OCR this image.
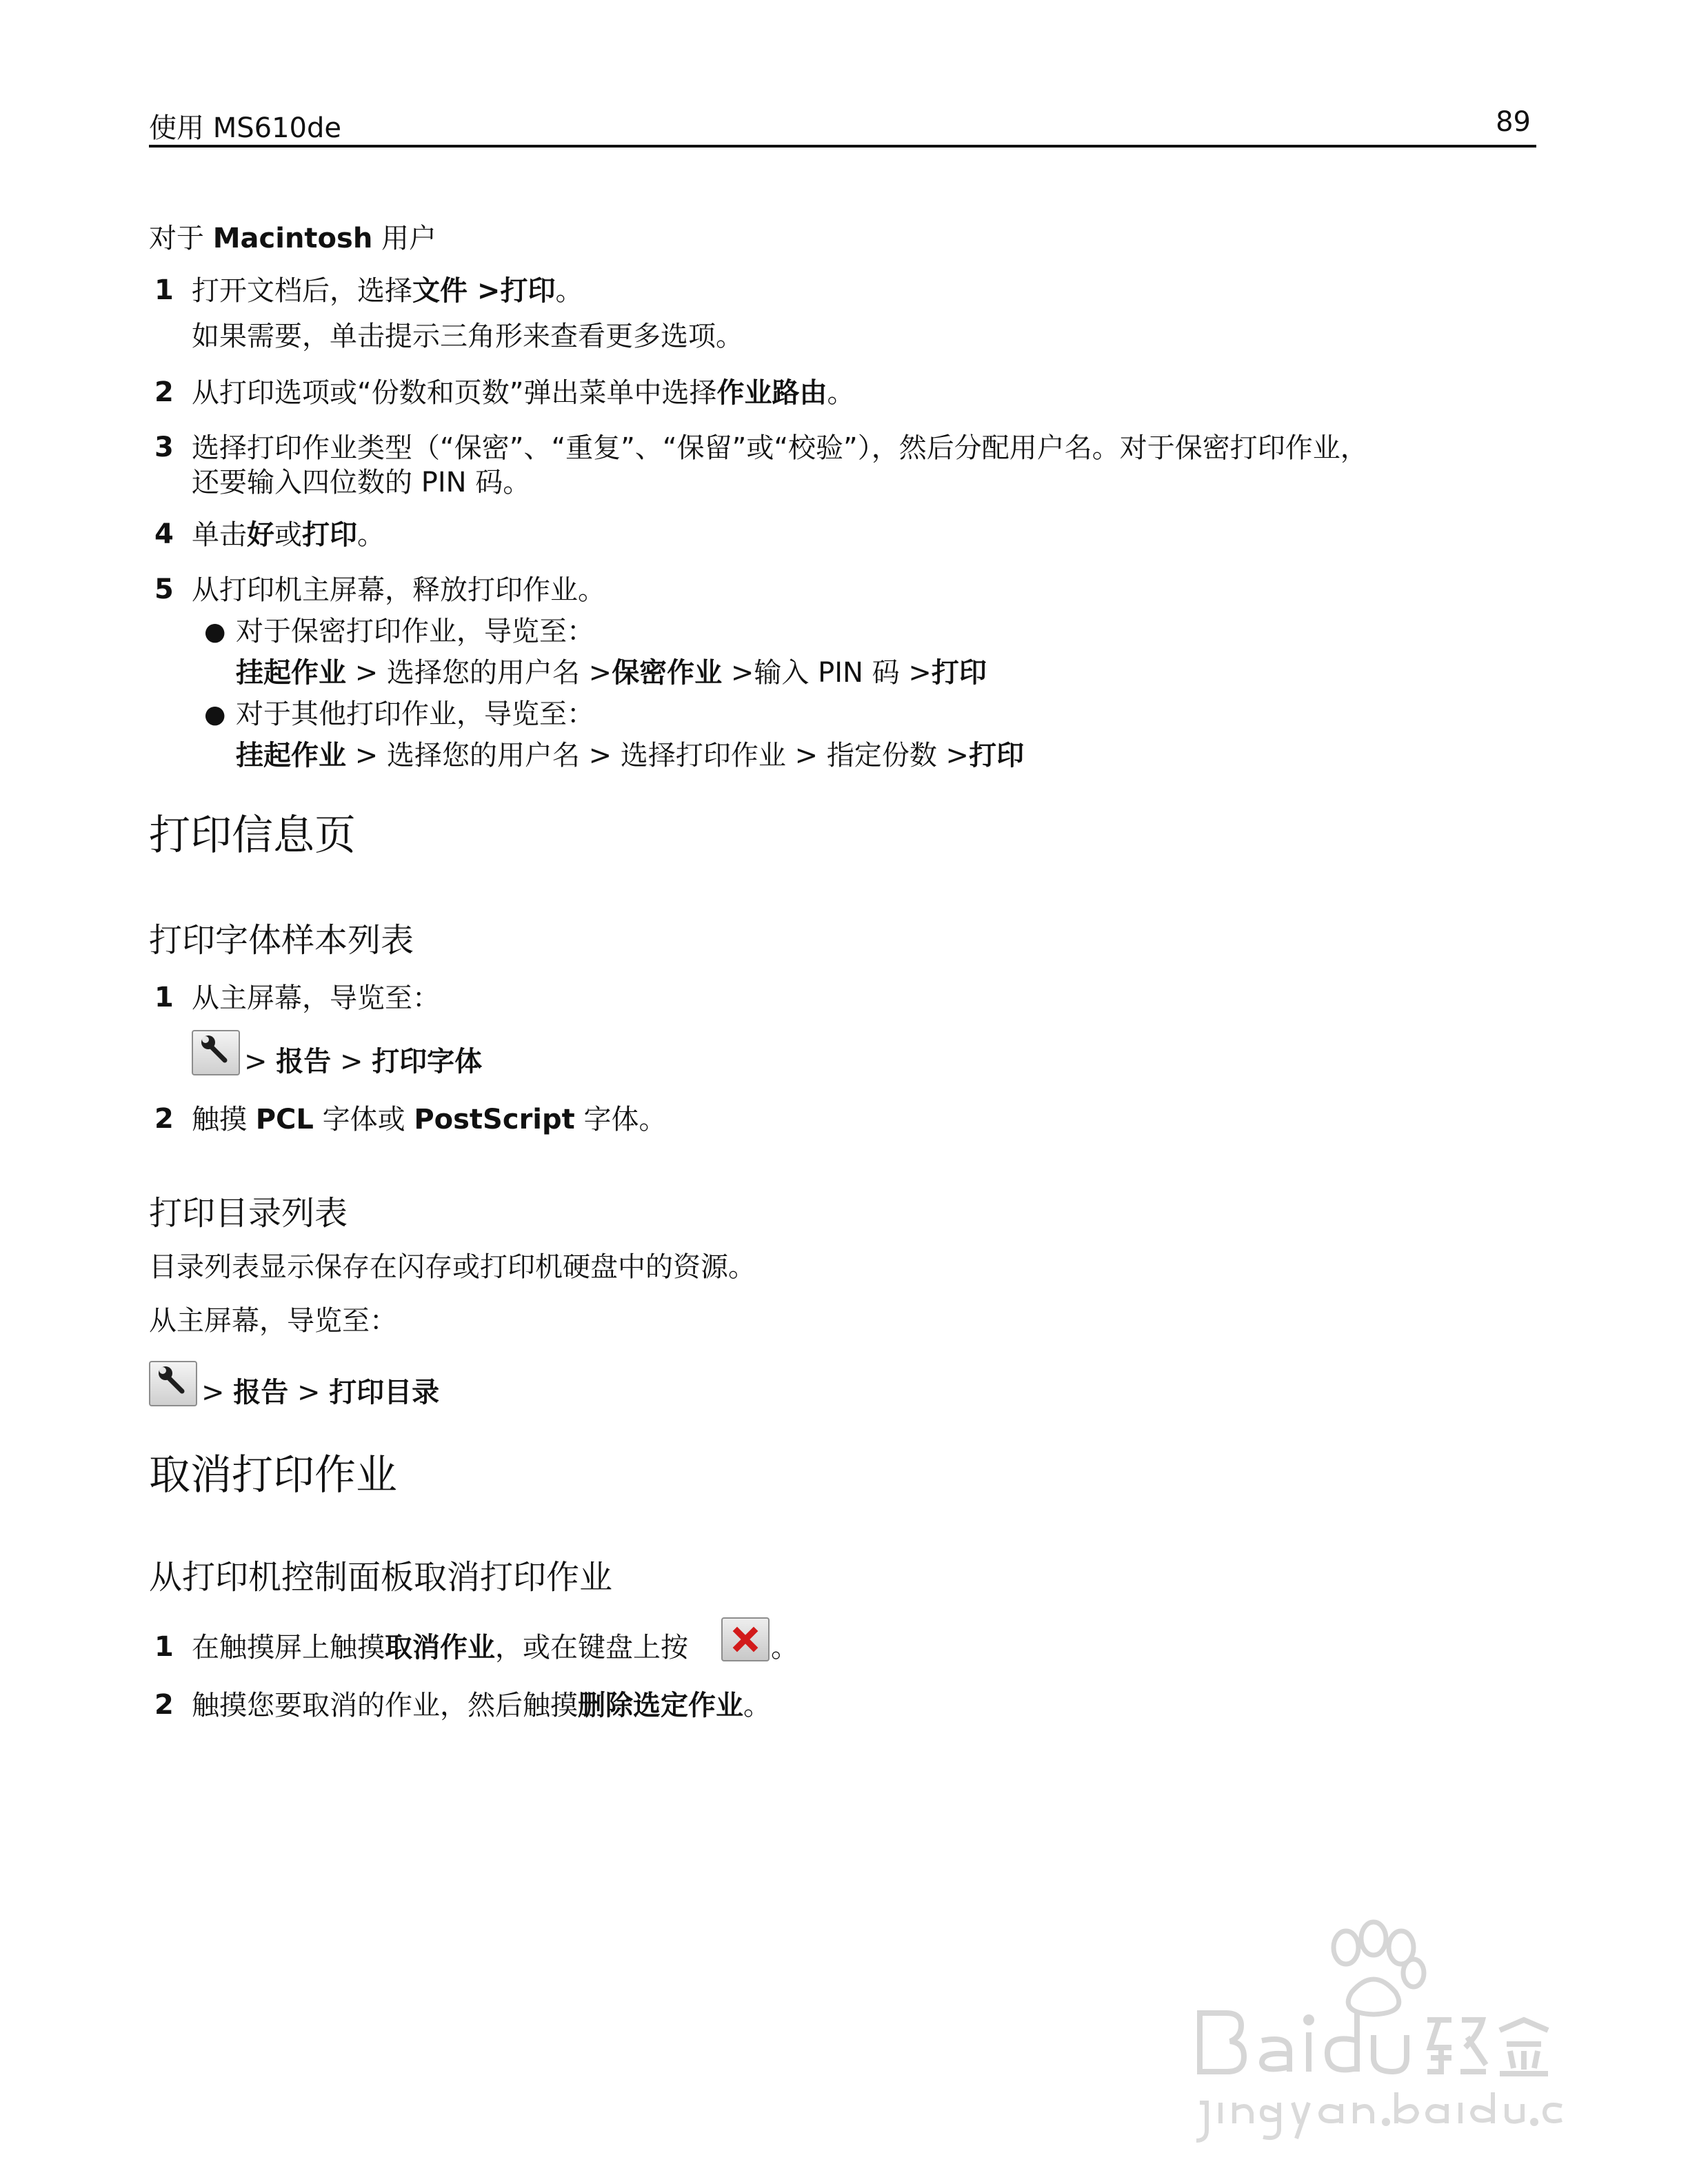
使用 MS610de	89
对于 Macintosh 用户
1 打开文档后，选择文件 >打印。
如果需要，单击提示三角形来查看更多选项。
2 从打印选项或“份数和页数”弹出菜单中选择作业路由。
3 选择打印作业类型（“保密”、“重复”、“保留”或“校验”），然后分配用户名。对于保密打印作业，
还要输入四位数的 PIN 码。
4 单击好或打印。
5 从打印机主屏幕，释放打印作业。
● 对于保密打印作业，导览至：
挂起作业 > 选择您的用户名 >保密作业 >输入 PIN 码 >打印
● 对于其他打印作业，导览至：
挂起作业 > 选择您的用户名 > 选择打印作业 > 指定份数 >打印
打印信息页
打印字体样本列表
1 从主屏幕，导览至：
> 报告 > 打印字体
2 触摸 PCL 字体或 PostScript 字体。
打印目录列表
目录列表显示保存在闪存或打印机硬盘中的资源。
从主屏幕，导览至：
> 报告 > 打印目录
取消打印作业
从打印机控制面板取消打印作业
1 在触摸屏上触摸取消作业，或在键盘上按	。
2 触摸您要取消的作业，然后触摸删除选定作业。
